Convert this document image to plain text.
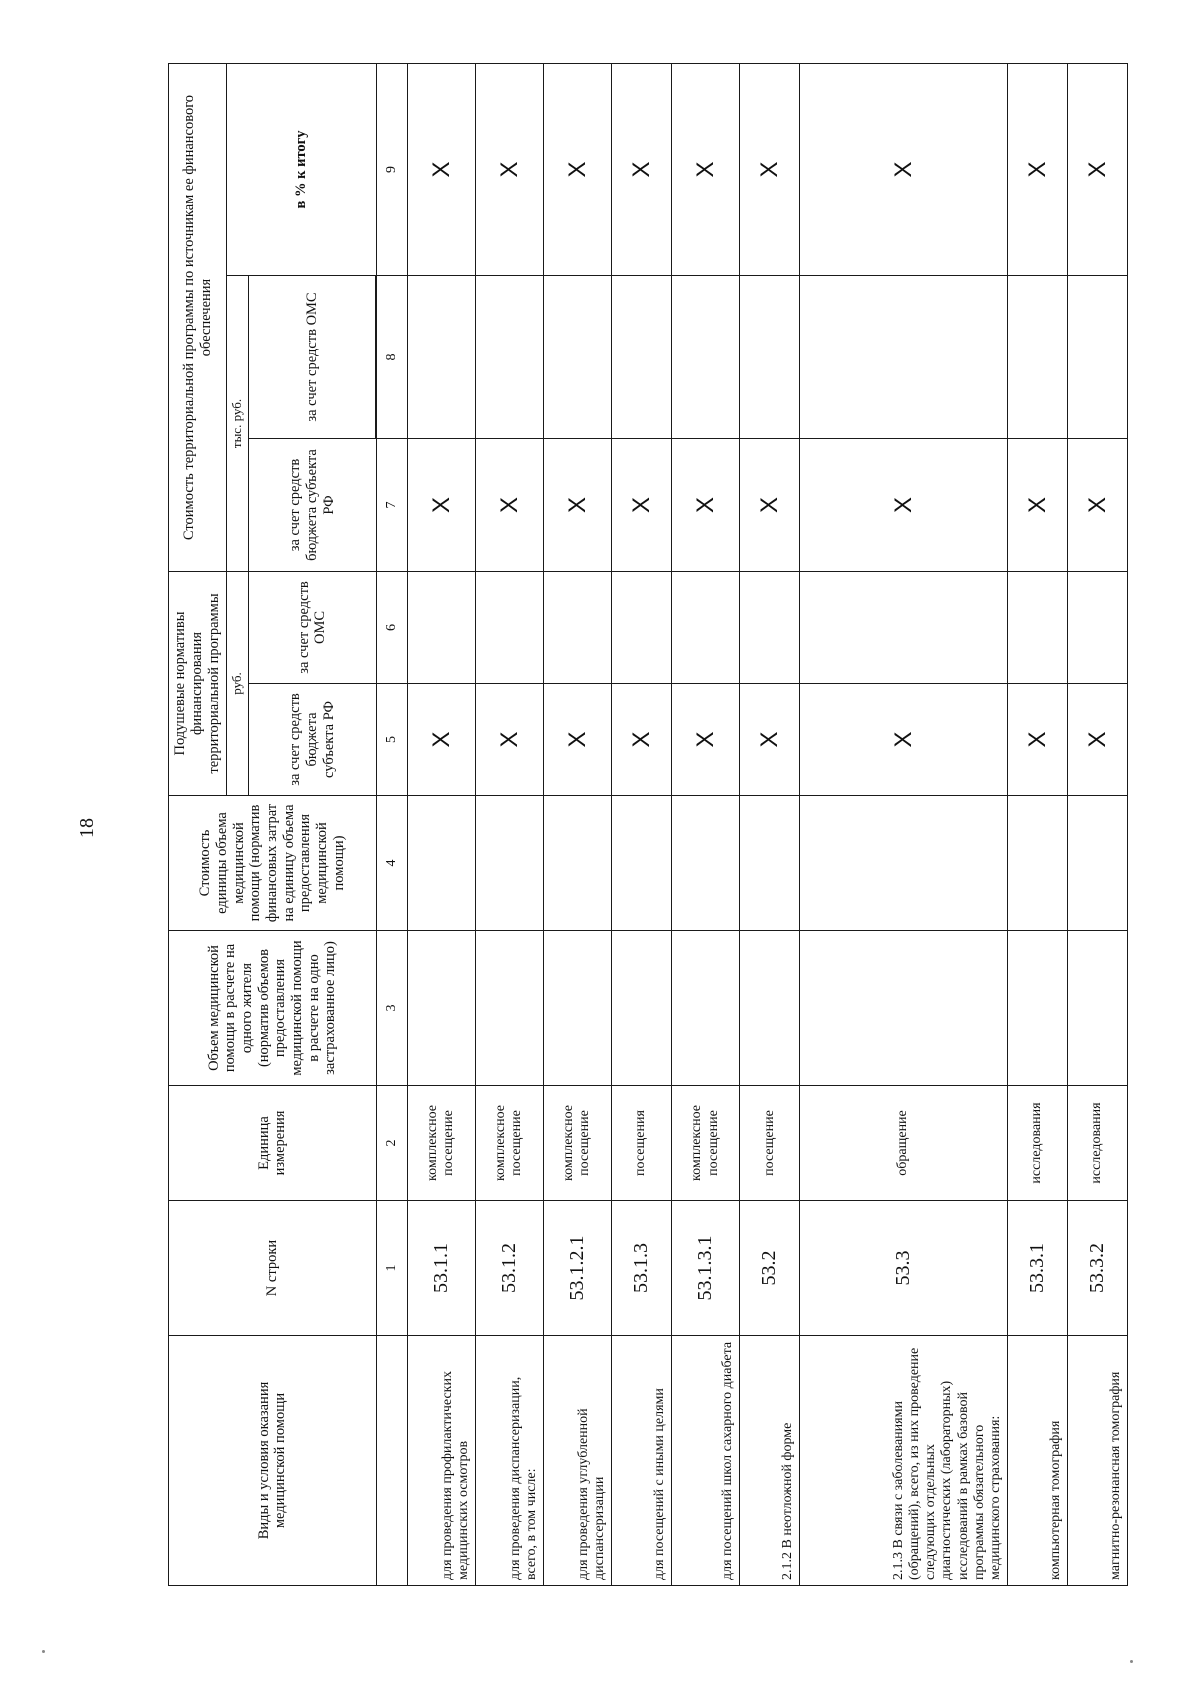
18
Виды и условия оказания медицинской помощи	N строки	Единица измерения	Объем медицинской помощи в расчете на одного жителя (норматив объемов предоставления медицинской помощи в расчете на одно застрахованное лицо)	Стоимость единицы объема медицинской помощи (норматив финансовых затрат на единицу объема предоставления медицинской помощи)	Подушевые нормативы финансирования территориальной программы		Стоимость территориальной программы по источникам ее финансового обеспечения		
					руб.		тыс. руб.		в % к итогу
					за счет средств бюджета субъекта РФ	за счет средств ОМС	за счет средств бюджета субъекта РФ	за счет средств ОМС	

	1	2	3	4	5	6	7	8	9
для проведения профилактических медицинских осмотров	53.1.1	комплексное посещение			X		X		X
для проведения диспансеризации, всего, в том числе:	53.1.2	комплексное посещение			X		X		X
для проведения углубленной диспансеризации	53.1.2.1	комплексное посещение			X		X		X
для посещений с иными целями	53.1.3	посещения			X		X		X
для посещений школ сахарного диабета	53.1.3.1	комплексное посещение			X		X		X
2.1.2 В неотложной форме	53.2	посещение			X		X		X
2.1.3 В связи с заболеваниями (обращений), всего, из них проведение следующих отдельных диагностических (лабораторных) исследований в рамках базовой программы обязательного медицинского страхования:	53.3	обращение			X		X		X
компьютерная томография	53.3.1	исследования			X		X		X
магнитно-резонансная томография	53.3.2	исследования			X		X		X
